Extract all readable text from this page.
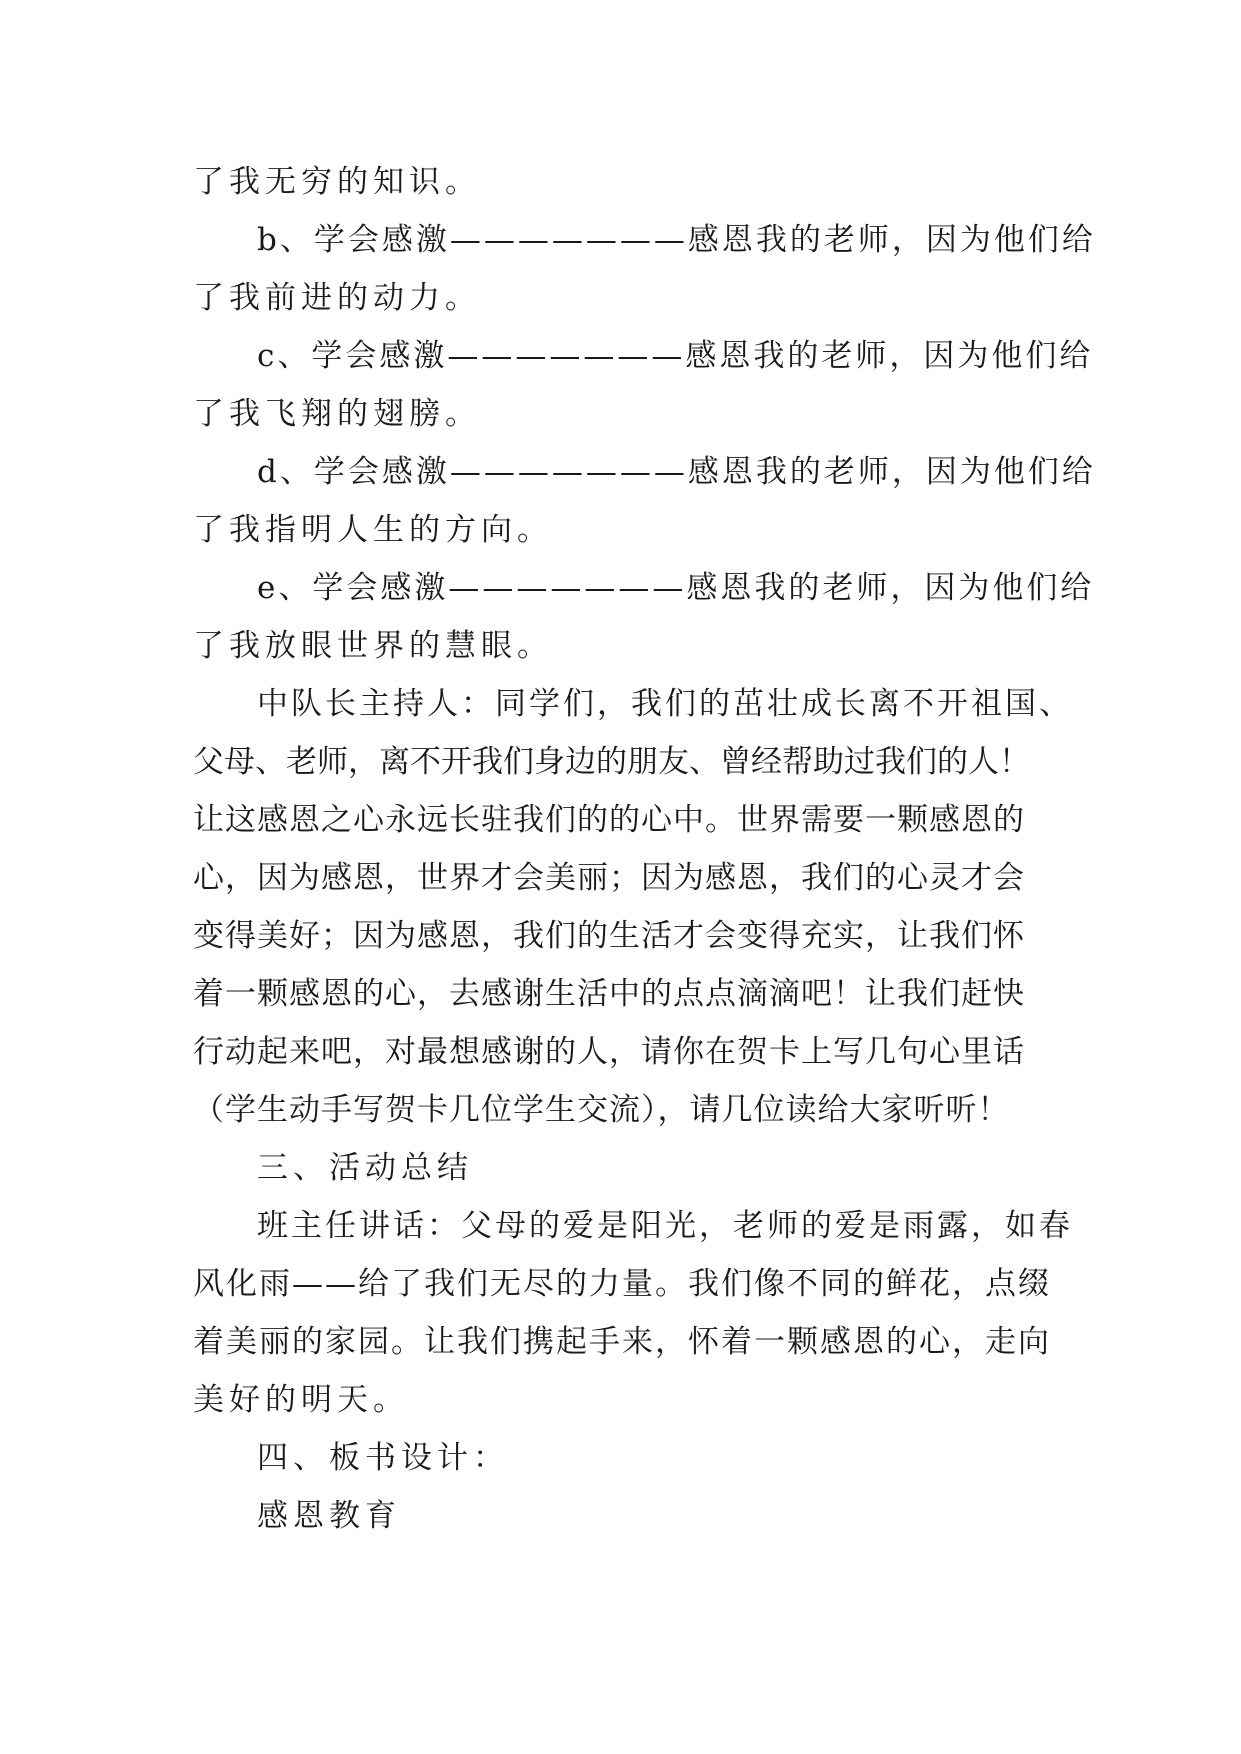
了我无穷的知识。
b、学会感激———————感恩我的老师，因为他们给
了我前进的动力。
c、学会感激———————感恩我的老师，因为他们给
了我飞翔的翅膀。
d、学会感激———————感恩我的老师，因为他们给
了我指明人生的方向。
e、学会感激———————感恩我的老师，因为他们给
了我放眼世界的慧眼。
中队长主持人：同学们，我们的茁壮成长离不开祖国、
父母、老师，离不开我们身边的朋友、曾经帮助过我们的人！
让这感恩之心永远长驻我们的的心中。世界需要一颗感恩的
心，因为感恩，世界才会美丽；因为感恩，我们的心灵才会
变得美好；因为感恩，我们的生活才会变得充实，让我们怀
着一颗感恩的心，去感谢生活中的点点滴滴吧！让我们赶快
行动起来吧，对最想感谢的人，请你在贺卡上写几句心里话
（学生动手写贺卡几位学生交流），请几位读给大家听听！
三、活动总结
班主任讲话：父母的爱是阳光，老师的爱是雨露，如春
风化雨——给了我们无尽的力量。我们像不同的鲜花，点缀
着美丽的家园。让我们携起手来，怀着一颗感恩的心，走向
美好的明天。
四、板书设计：
感恩教育
